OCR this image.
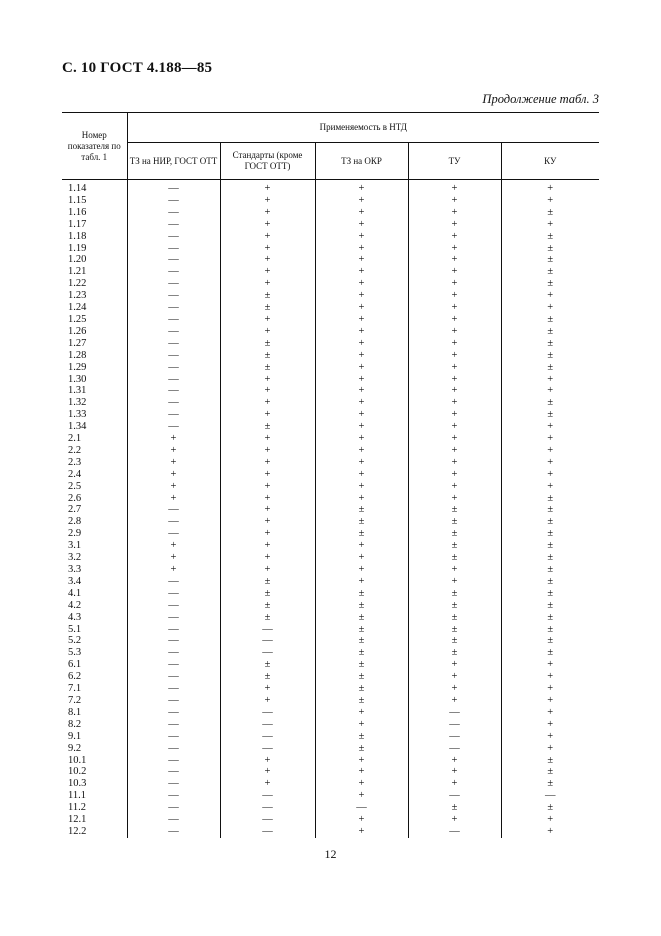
С. 10 ГОСТ 4.188—85
Продолжение табл. 3
Номер показателя по табл. 1	Применяемость в НТД				
	ТЗ на НИР, ГОСТ ОТТ	Стандарты (кроме ГОСТ ОТТ)	ТЗ на ОКР	ТУ	КУ
1.14	—	+	+	+	+
1.15	—	+	+	+	+
1.16	—	+	+	+	±
1.17	—	+	+	+	+
1.18	—	+	+	+	±
1.19	—	+	+	+	±
1.20	—	+	+	+	±
1.21	—	+	+	+	±
1.22	—	+	+	+	±
1.23	—	±	+	+	+
1.24	—	±	+	+	+
1.25	—	+	+	+	±
1.26	—	+	+	+	±
1.27	—	±	+	+	±
1.28	—	±	+	+	±
1.29	—	±	+	+	±
1.30	—	+	+	+	+
1.31	—	+	+	+	+
1.32	—	+	+	+	±
1.33	—	+	+	+	±
1.34	—	±	+	+	+
2.1	+	+	+	+	+
2.2	+	+	+	+	+
2.3	+	+	+	+	+
2.4	+	+	+	+	+
2.5	+	+	+	+	+
2.6	+	+	+	+	±
2.7	—	+	±	±	±
2.8	—	+	±	±	±
2.9	—	+	±	±	±
3.1	+	+	+	±	±
3.2	+	+	+	±	±
3.3	+	+	+	+	±
3.4	—	±	+	+	±
4.1	—	±	±	±	±
4.2	—	±	±	±	±
4.3	—	±	±	±	±
5.1	—	—	±	±	±
5.2	—	—	±	±	±
5.3	—	—	±	±	±
6.1	—	±	±	+	+
6.2	—	±	±	+	+
7.1	—	+	±	+	+
7.2	—	+	±	+	+
8.1	—	—	+	—	+
8.2	—	—	+	—	+
9.1	—	—	±	—	+
9.2	—	—	±	—	+
10.1	—	+	+	+	±
10.2	—	+	+	+	±
10.3	—	+	+	+	±
11.1	—	—	+	—	—
11.2	—	—	—	±	±
12.1	—	—	+	+	+
12.2	—	—	+	—	+
12
